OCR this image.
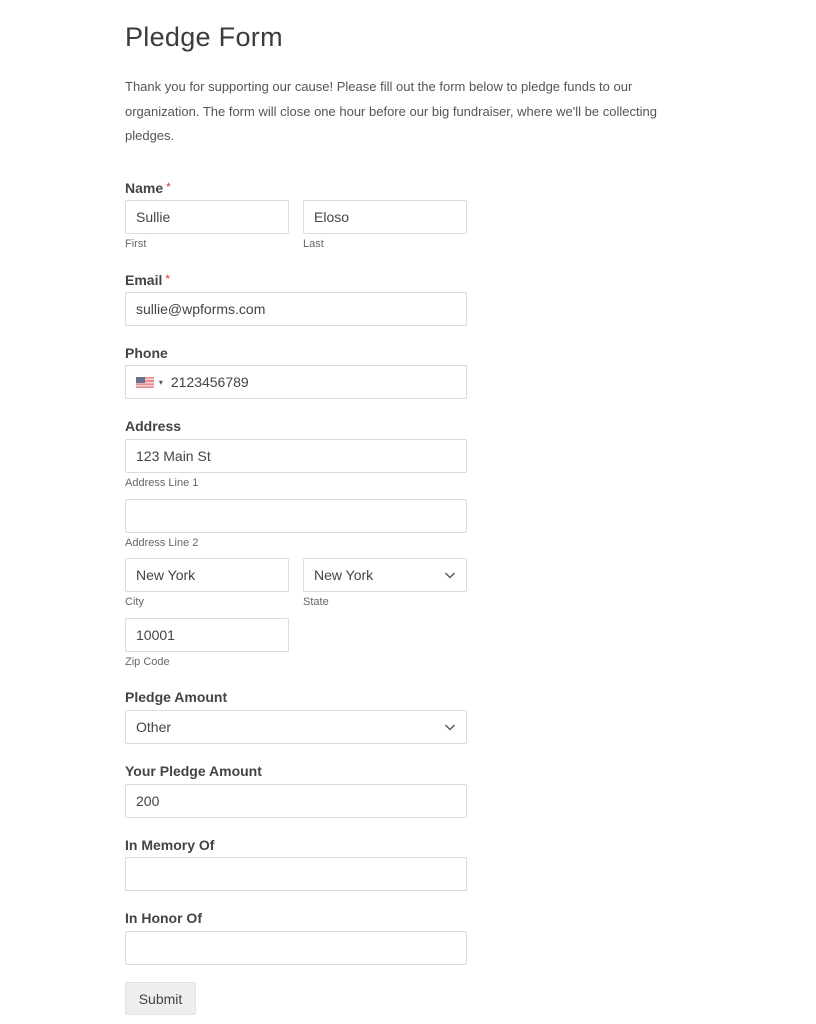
Pledge Form

Thank you for supporting our cause! Please fill out the form below to pledge funds to our organization. The form will close one hour before our big fundraiser, where we'll be collecting pledges.

Name *
Sullie
First
Eloso	Last
Email *
sullie@wpforms.com
Phone
▾
2123456789
Address
123 Main St
Address Line 1
Address Line 2
New York
City
New York
State
10001
Zip Code
Pledge Amount
Other
Your Pledge Amount
200
In Memory Of
In Honor Of
Submit
